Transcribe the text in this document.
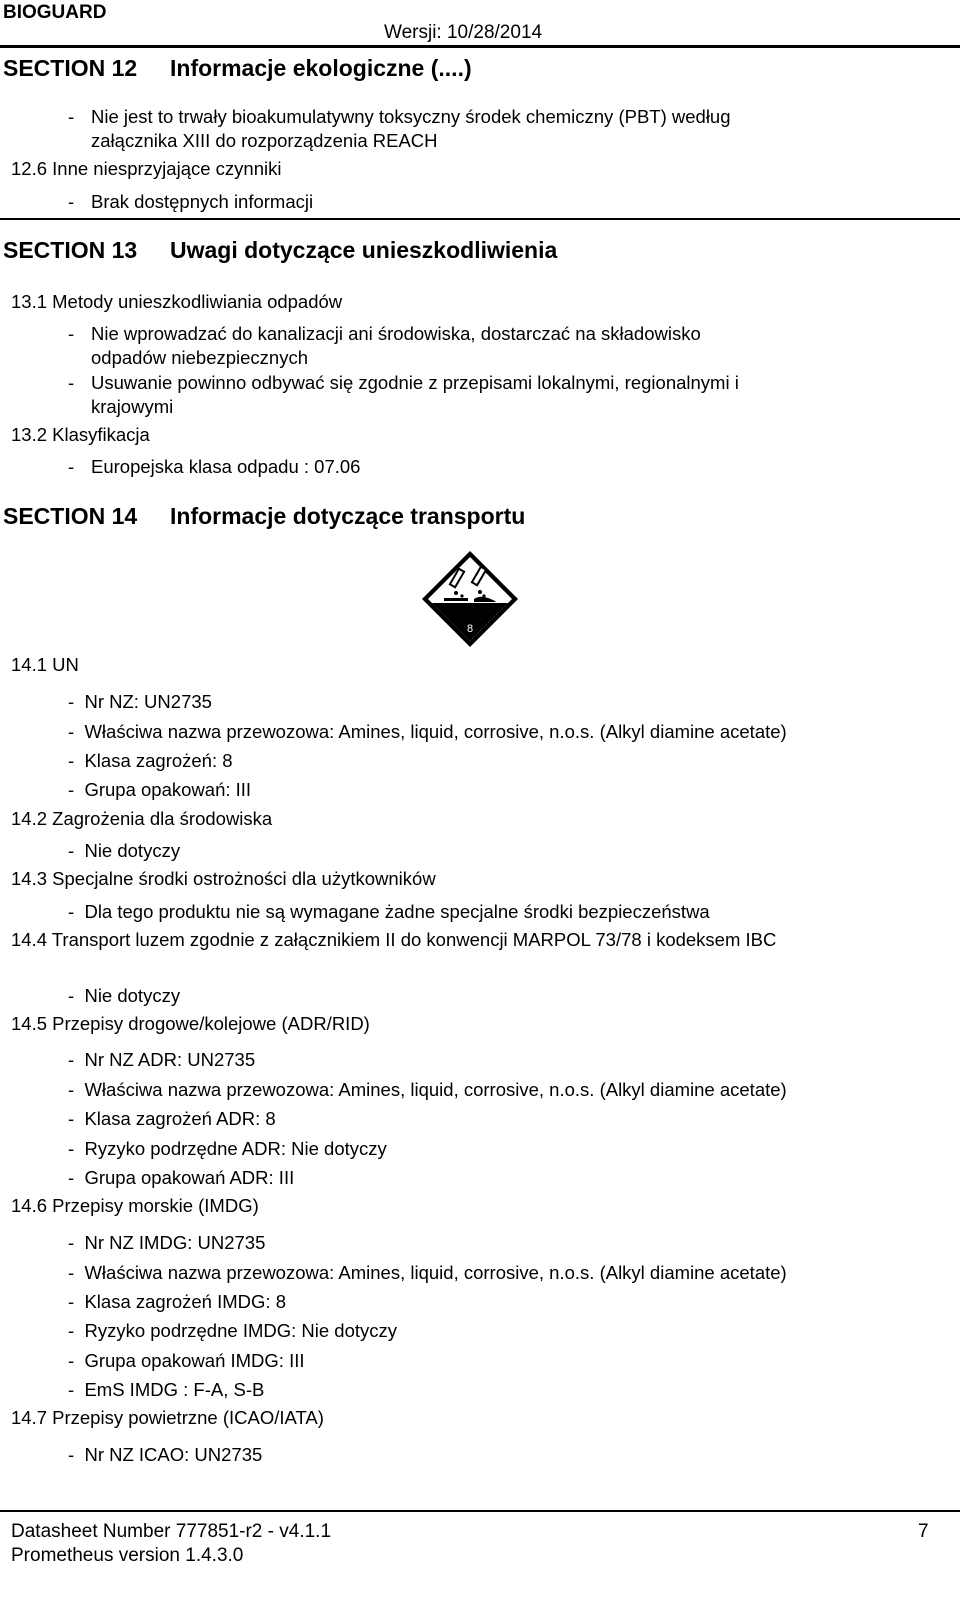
BIOGUARD
Wersji: 10/28/2014
SECTION 12 Informacje ekologiczne (....)
- Nie jest to trwały bioakumulatywny toksyczny środek chemiczny (PBT) według
załącznika XIII do rozporządzenia REACH
12.6 Inne niesprzyjające czynniki
- Brak dostępnych informacji
SECTION 13 Uwagi dotyczące unieszkodliwienia
13.1 Metody unieszkodliwiania odpadów
- Nie wprowadzać do kanalizacji ani środowiska, dostarczać na składowisko
odpadów niebezpiecznych
- Usuwanie powinno odbywać się zgodnie z przepisami lokalnymi, regionalnymi i
krajowymi
13.2 Klasyfikacja
- Europejska klasa odpadu : 07.06
SECTION 14 Informacje dotyczące transportu
8
14.1 UN
-  Nr NZ: UN2735
-  Właściwa nazwa przewozowa: Amines, liquid, corrosive, n.o.s. (Alkyl diamine acetate)
-  Klasa zagrożeń: 8
-  Grupa opakowań: III
14.2 Zagrożenia dla środowiska
-  Nie dotyczy
14.3 Specjalne środki ostrożności dla użytkowników
-  Dla tego produktu nie są wymagane żadne specjalne środki bezpieczeństwa
14.4 Transport luzem zgodnie z załącznikiem II do konwencji MARPOL 73/78 i kodeksem IBC
-  Nie dotyczy
14.5 Przepisy drogowe/kolejowe (ADR/RID)
-  Nr NZ ADR: UN2735
-  Właściwa nazwa przewozowa: Amines, liquid, corrosive, n.o.s. (Alkyl diamine acetate)
-  Klasa zagrożeń ADR: 8
-  Ryzyko podrzędne ADR: Nie dotyczy
-  Grupa opakowań ADR: III
14.6 Przepisy morskie (IMDG)
-  Nr NZ IMDG: UN2735
-  Właściwa nazwa przewozowa: Amines, liquid, corrosive, n.o.s. (Alkyl diamine acetate)
-  Klasa zagrożeń IMDG: 8
-  Ryzyko podrzędne IMDG: Nie dotyczy
-  Grupa opakowań IMDG: III
-  EmS IMDG : F-A, S-B
14.7 Przepisy powietrzne (ICAO/IATA)
-  Nr NZ ICAO: UN2735
Datasheet Number 777851-r2 - v4.1.1
Prometheus version 1.4.3.0
7
